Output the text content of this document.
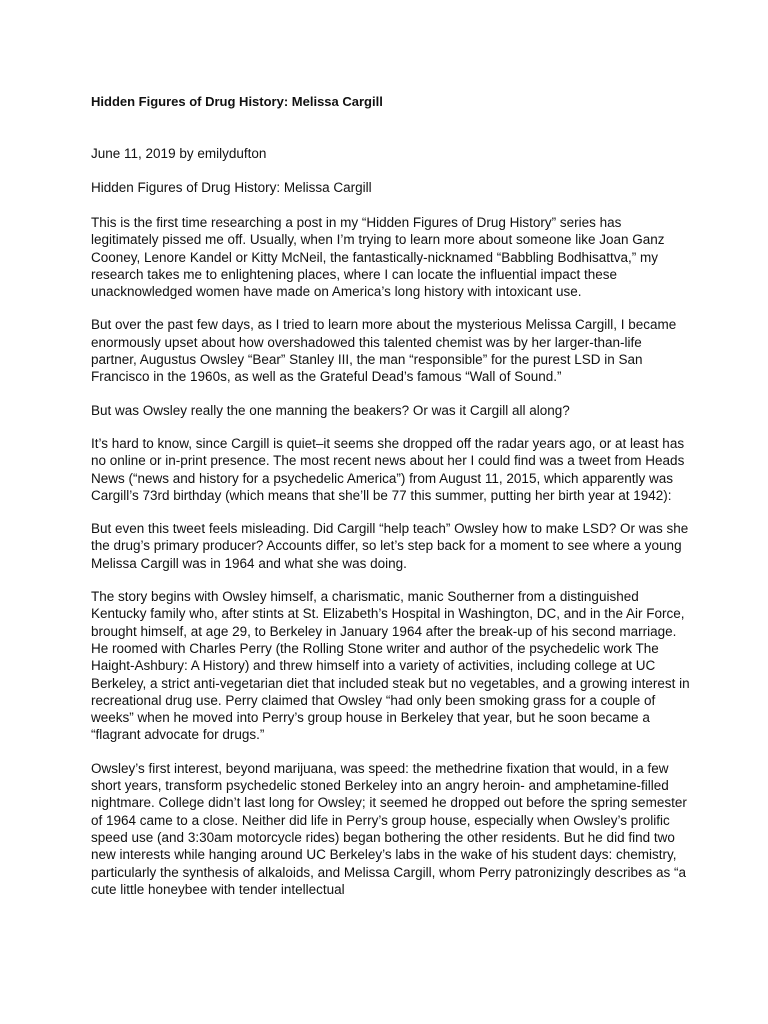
Hidden Figures of Drug History: Melissa Cargill

June 11, 2019 by emilydufton

Hidden Figures of Drug History: Melissa Cargill

This is the first time researching a post in my “Hidden Figures of Drug History” series has legitimately pissed me off. Usually, when I’m trying to learn more about someone like Joan Ganz Cooney, Lenore Kandel or Kitty McNeil, the fantastically-nicknamed “Babbling Bodhisattva,” my research takes me to enlightening places, where I can locate the influential impact these unacknowledged women have made on America’s long history with intoxicant use.

But over the past few days, as I tried to learn more about the mysterious Melissa Cargill, I became enormously upset about how overshadowed this talented chemist was by her larger-than-life partner, Augustus Owsley “Bear” Stanley III, the man “responsible” for the purest LSD in San Francisco in the 1960s, as well as the Grateful Dead’s famous “Wall of Sound.”

But was Owsley really the one manning the beakers? Or was it Cargill all along?

It’s hard to know, since Cargill is quiet–it seems she dropped off the radar years ago, or at least has no online or in-print presence. The most recent news about her I could find was a tweet from Heads News (“news and history for a psychedelic America”) from August 11, 2015, which apparently was Cargill’s 73rd birthday (which means that she’ll be 77 this summer, putting her birth year at 1942):

But even this tweet feels misleading. Did Cargill “help teach” Owsley how to make LSD? Or was she the drug’s primary producer? Accounts differ, so let’s step back for a moment to see where a young Melissa Cargill was in 1964 and what she was doing.

The story begins with Owsley himself, a charismatic, manic Southerner from a distinguished Kentucky family who, after stints at St. Elizabeth’s Hospital in Washington, DC, and in the Air Force, brought himself, at age 29, to Berkeley in January 1964 after the break-up of his second marriage. He roomed with Charles Perry (the Rolling Stone writer and author of the psychedelic work The Haight-Ashbury: A History) and threw himself into a variety of activities, including college at UC Berkeley, a strict anti-vegetarian diet that included steak but no vegetables, and a growing interest in recreational drug use. Perry claimed that Owsley “had only been smoking grass for a couple of weeks” when he moved into Perry’s group house in Berkeley that year, but he soon became a “flagrant advocate for drugs.”

Owsley’s first interest, beyond marijuana, was speed: the methedrine fixation that would, in a few short years, transform psychedelic stoned Berkeley into an angry heroin- and amphetamine-filled nightmare. College didn’t last long for Owsley; it seemed he dropped out before the spring semester of 1964 came to a close. Neither did life in Perry’s group house, especially when Owsley’s prolific speed use (and 3:30am motorcycle rides) began bothering the other residents. But he did find two new interests while hanging around UC Berkeley’s labs in the wake of his student days: chemistry, particularly the synthesis of alkaloids, and Melissa Cargill, whom Perry patronizingly describes as “a cute little honeybee with tender intellectual
